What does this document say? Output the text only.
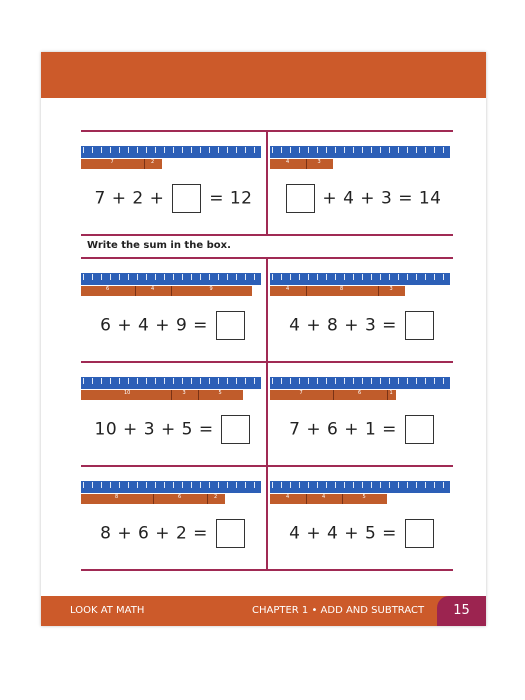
Write the sum in the box.
7	2
7 + 2 +	= 12
4	3
+ 4 + 3 = 14
6	4	9
6 + 4 + 9 =
4	8	3
4 + 8 + 3 =
10	3	5
10 + 3 + 5 =
7	6	1
7 + 6 + 1 =
8	6	2
8 + 6 + 2 =
4	4	5
4 + 4 + 5 =
LOOK AT MATH	CHAPTER 1 • ADD AND SUBTRACT	15
